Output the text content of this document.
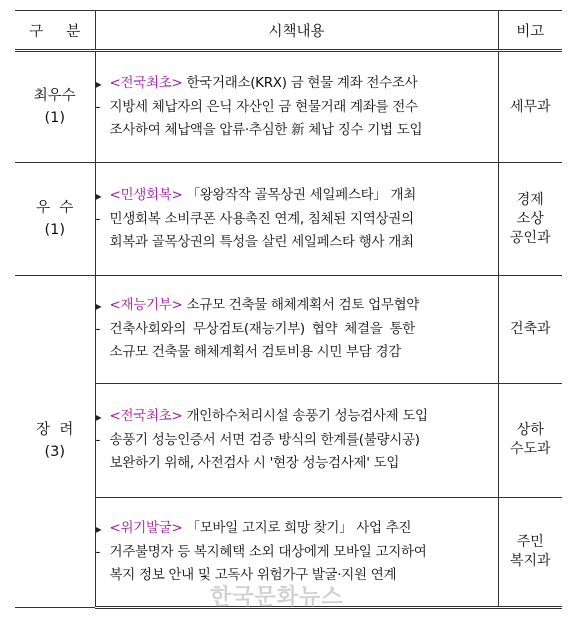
구     분	시책내용	비고

최우수
(1)	▶ <전국최초> 한국거래소(KRX) 금 현물 계좌 전수조사
- 지방세 체납자의 은닉 자산인 금 현물거래 계좌를 전수
조사하여 체납액을 압류·추심한 新 체납 징수 기법 도입	세무과

우  수
(1)	▶ <민생회복> 「왕왕작작 골목상권 세일페스타」 개최
- 민생회복 소비쿠폰 사용촉진 연계, 침체된 지역상권의
회복과 골목상권의 특성을 살린 세일페스타 행사 개최	경제
소상
공인과

장  려
(3)	▶ <재능기부> 소규모 건축물 해체계획서 검토 업무협약
- 건축사회와의 무상검토(재능기부) 협약 체결을 통한
소규모 건축물 해체계획서 검토비용 시민 부담 경감	건축과

	▶ <전국최초> 개인하수처리시설 송풍기 성능검사제 도입
- 송풍기 성능인증서 서면 검증 방식의 한계를(불량시공)
보완하기 위해, 사전검사 시 '현장 성능검사제' 도입	상하
수도과

	▶ <위기발굴> 「모바일 고지로 희망 찾기」 사업 추진
- 거주불명자 등 복지혜택 소외 대상에게 모바일 고지하여
복지 정보 안내 및 고독사 위험가구 발굴·지원 연계	주민
복지과
한국문화뉴스
